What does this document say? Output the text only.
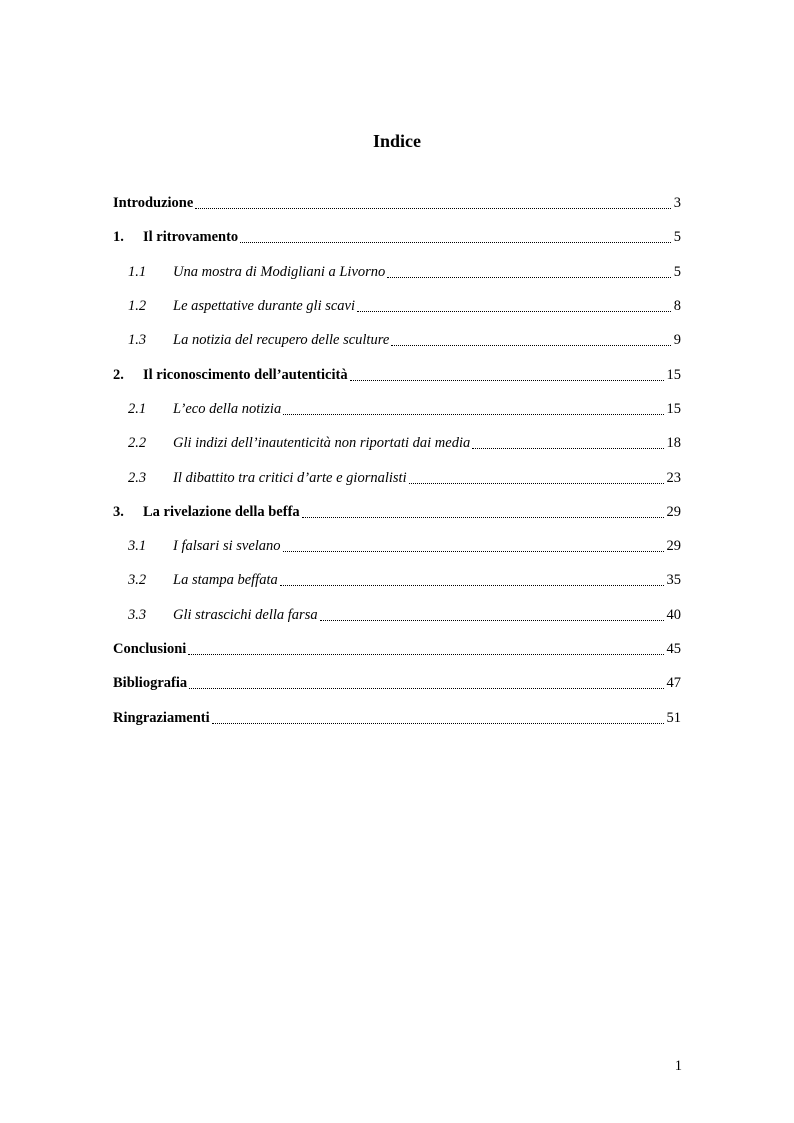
Indice
Introduzione	3
1.	Il ritrovamento	5
1.1	Una mostra di Modigliani a Livorno	5
1.2	Le aspettative durante gli scavi	8
1.3	La notizia del recupero delle sculture	9
2.	Il riconoscimento dell’autenticità	15
2.1	L’eco della notizia	15
2.2	Gli indizi dell’inautenticità non riportati dai media	18
2.3	Il dibattito tra critici d’arte e giornalisti	23
3.	La rivelazione della beffa	29
3.1	I falsari si svelano	29
3.2	La stampa beffata	35
3.3	Gli strascichi della farsa	40
Conclusioni	45
Bibliografia	47
Ringraziamenti	51
1
